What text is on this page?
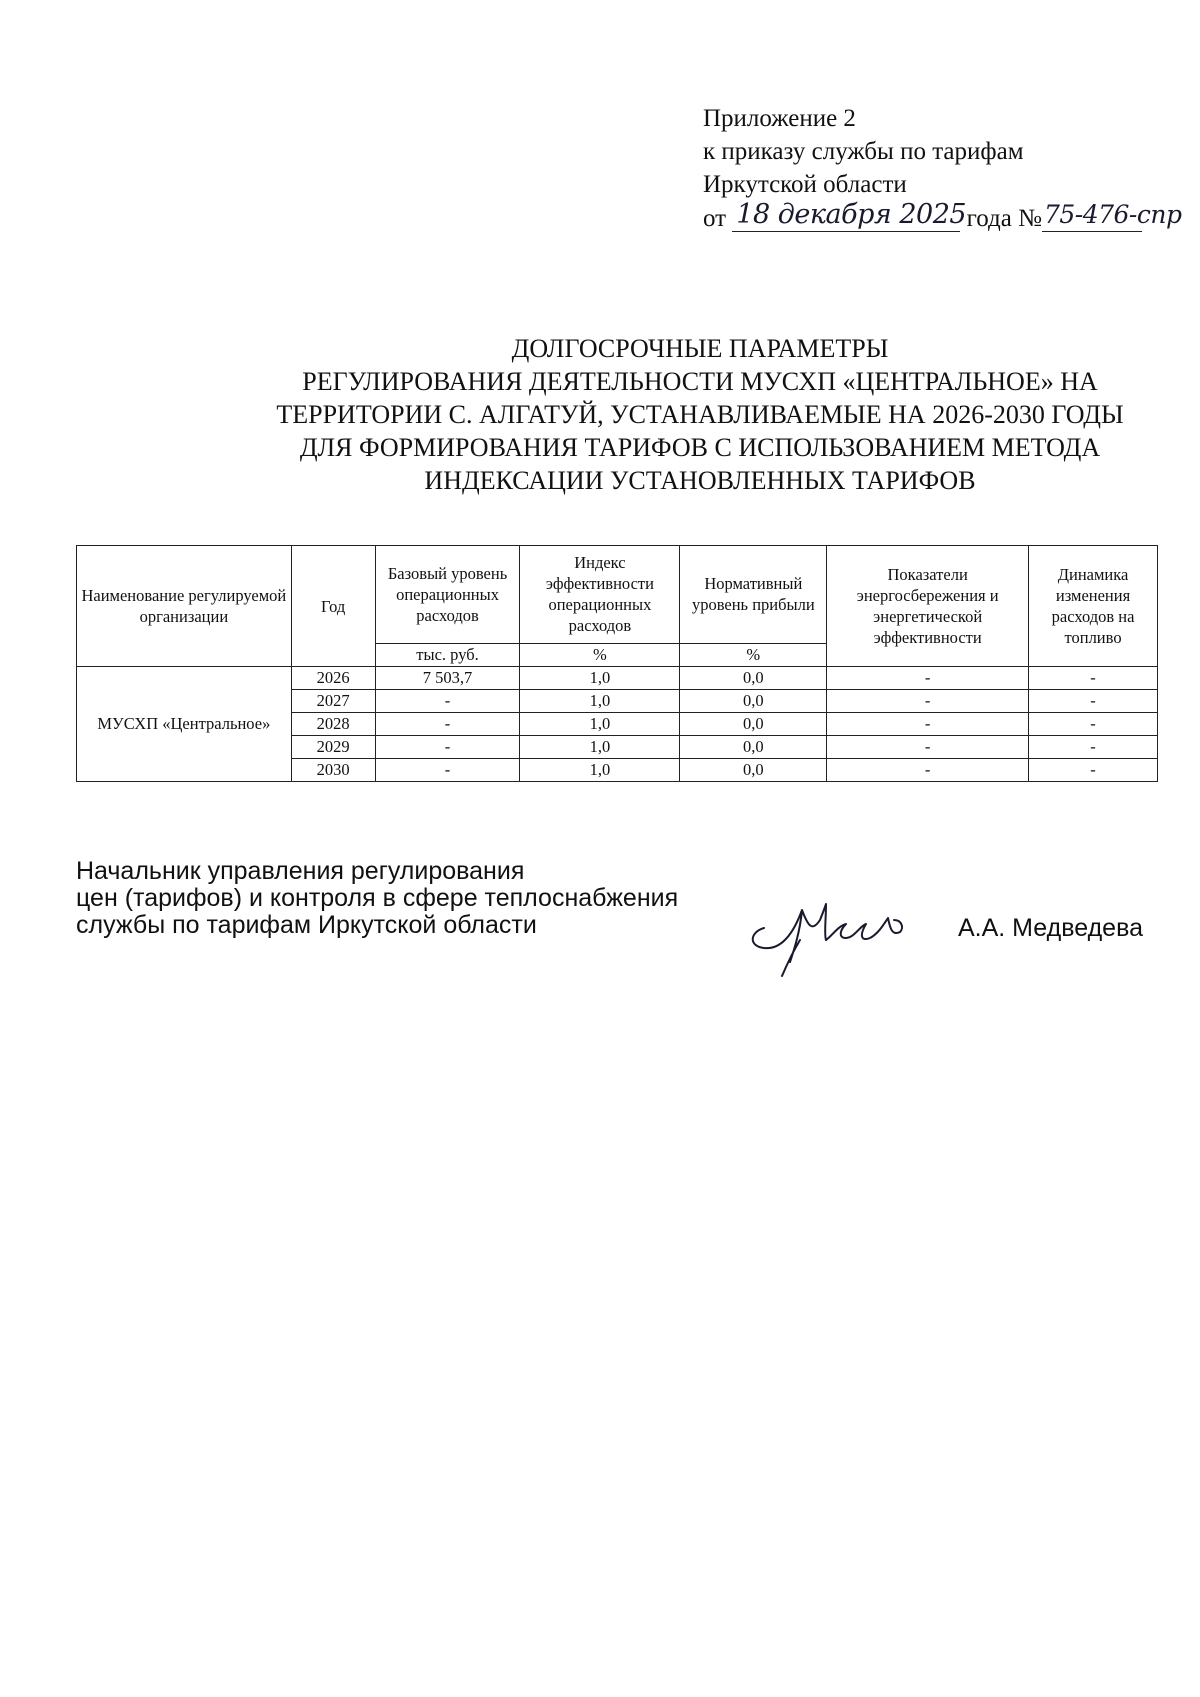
Приложение 2
к приказу службы по тарифам
Иркутской области
от 18 декабря 2025 года № 75-476-спр
ДОЛГОСРОЧНЫЕ ПАРАМЕТРЫ
РЕГУЛИРОВАНИЯ ДЕЯТЕЛЬНОСТИ МУСХП «ЦЕНТРАЛЬНОЕ» НА
ТЕРРИТОРИИ С. АЛГАТУЙ, УСТАНАВЛИВАЕМЫЕ НА 2026-2030 ГОДЫ
ДЛЯ ФОРМИРОВАНИЯ ТАРИФОВ С ИСПОЛЬЗОВАНИЕМ МЕТОДА
ИНДЕКСАЦИИ УСТАНОВЛЕННЫХ ТАРИФОВ
Наименование регулируемой организации	Год	Базовый уровень операционных расходов	Индекс эффективности операционных расходов	Нормативный уровень прибыли	Показатели энергосбережения и энергетической эффективности	Динамика изменения расходов на топливо
		тыс. руб.	%	%		
МУСХП «Центральное»	2026	7 503,7	1,0	0,0	-	-
	2027	-	1,0	0,0	-	-
	2028	-	1,0	0,0	-	-
	2029	-	1,0	0,0	-	-
	2030	-	1,0	0,0	-	-
Начальник управления регулирования
цен (тарифов) и контроля в сфере теплоснабжения
службы по тарифам Иркутской области	А.А. Медведева
